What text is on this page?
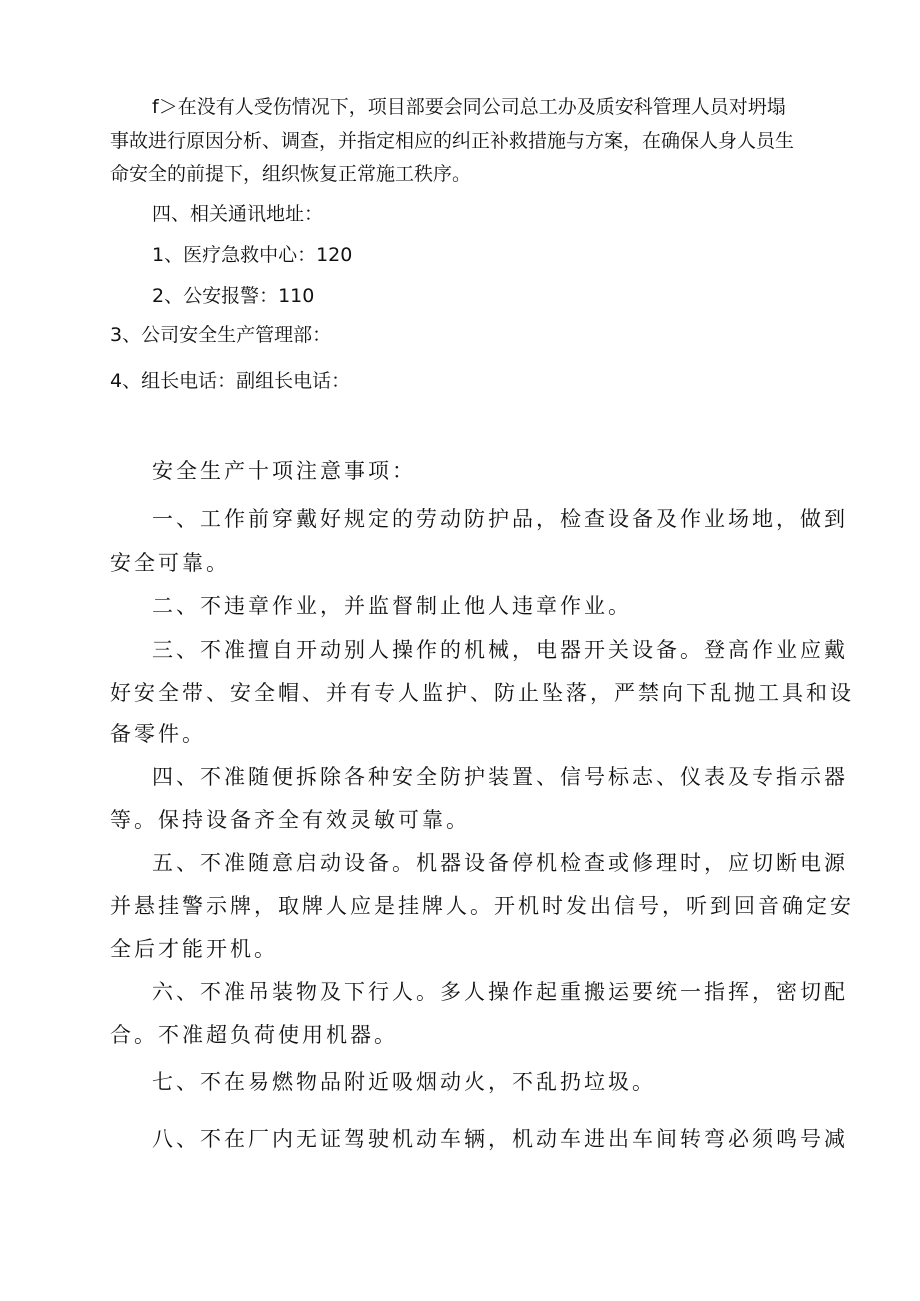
f＞在没有人受伤情况下，项目部要会同公司总工办及质安科管理人员对坍塌
事故进行原因分析、调查，并指定相应的纠正补救措施与方案，在确保人身人员生
命安全的前提下，组织恢复正常施工秩序。
四、相关通讯地址：
1、医疗急救中心：120
2、公安报警：110
3、公司安全生产管理部：
4、组长电话：副组长电话：
安全生产十项注意事项：
一、工作前穿戴好规定的劳动防护品，检查设备及作业场地，做到
安全可靠。
二、不违章作业，并监督制止他人违章作业。
三、不准擅自开动别人操作的机械，电器开关设备。登高作业应戴
好安全带、安全帽、并有专人监护、防止坠落，严禁向下乱抛工具和设
备零件。
四、不准随便拆除各种安全防护装置、信号标志、仪表及专指示器
等。保持设备齐全有效灵敏可靠。
五、不准随意启动设备。机器设备停机检查或修理时，应切断电源
并悬挂警示牌，取牌人应是挂牌人。开机时发出信号，听到回音确定安
全后才能开机。
六、不准吊装物及下行人。多人操作起重搬运要统一指挥，密切配
合。不准超负荷使用机器。
七、不在易燃物品附近吸烟动火，不乱扔垃圾。
八、不在厂内无证驾驶机动车辆，机动车进出车间转弯必须鸣号减
